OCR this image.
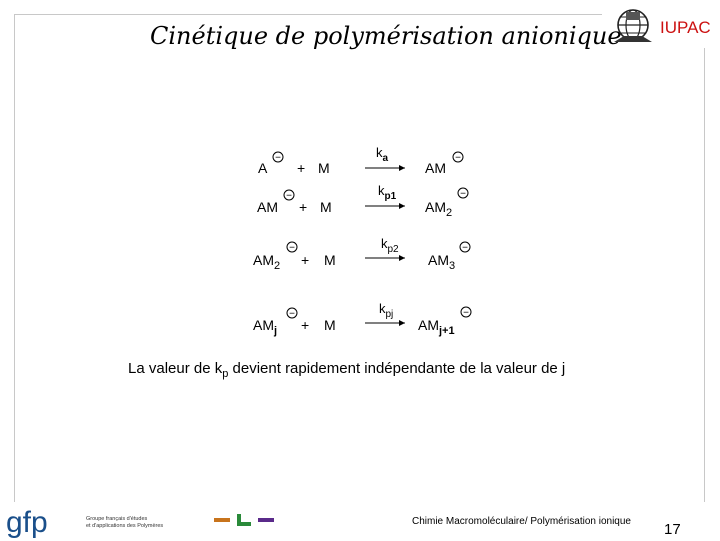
Cinétique de polymérisation anionique IUPAC
A
−
+ M
$k_a$
AM
−
AM
−
+ M
$k_{p1}$
$AM_2$
−
$AM_2$
−
+ M
$k_{p2}$
$AM_3$
−
$AM_j$
−
+ M
$k_{pj}$
$AM_{j+1}$
−
La valeur de $k_p$ devient rapidement indépendante de la valeur de j
gfp	Groupe français d'études
et d'applications des Polymères	Chimie Macromoléculaire/ Polymérisation ionique 17
